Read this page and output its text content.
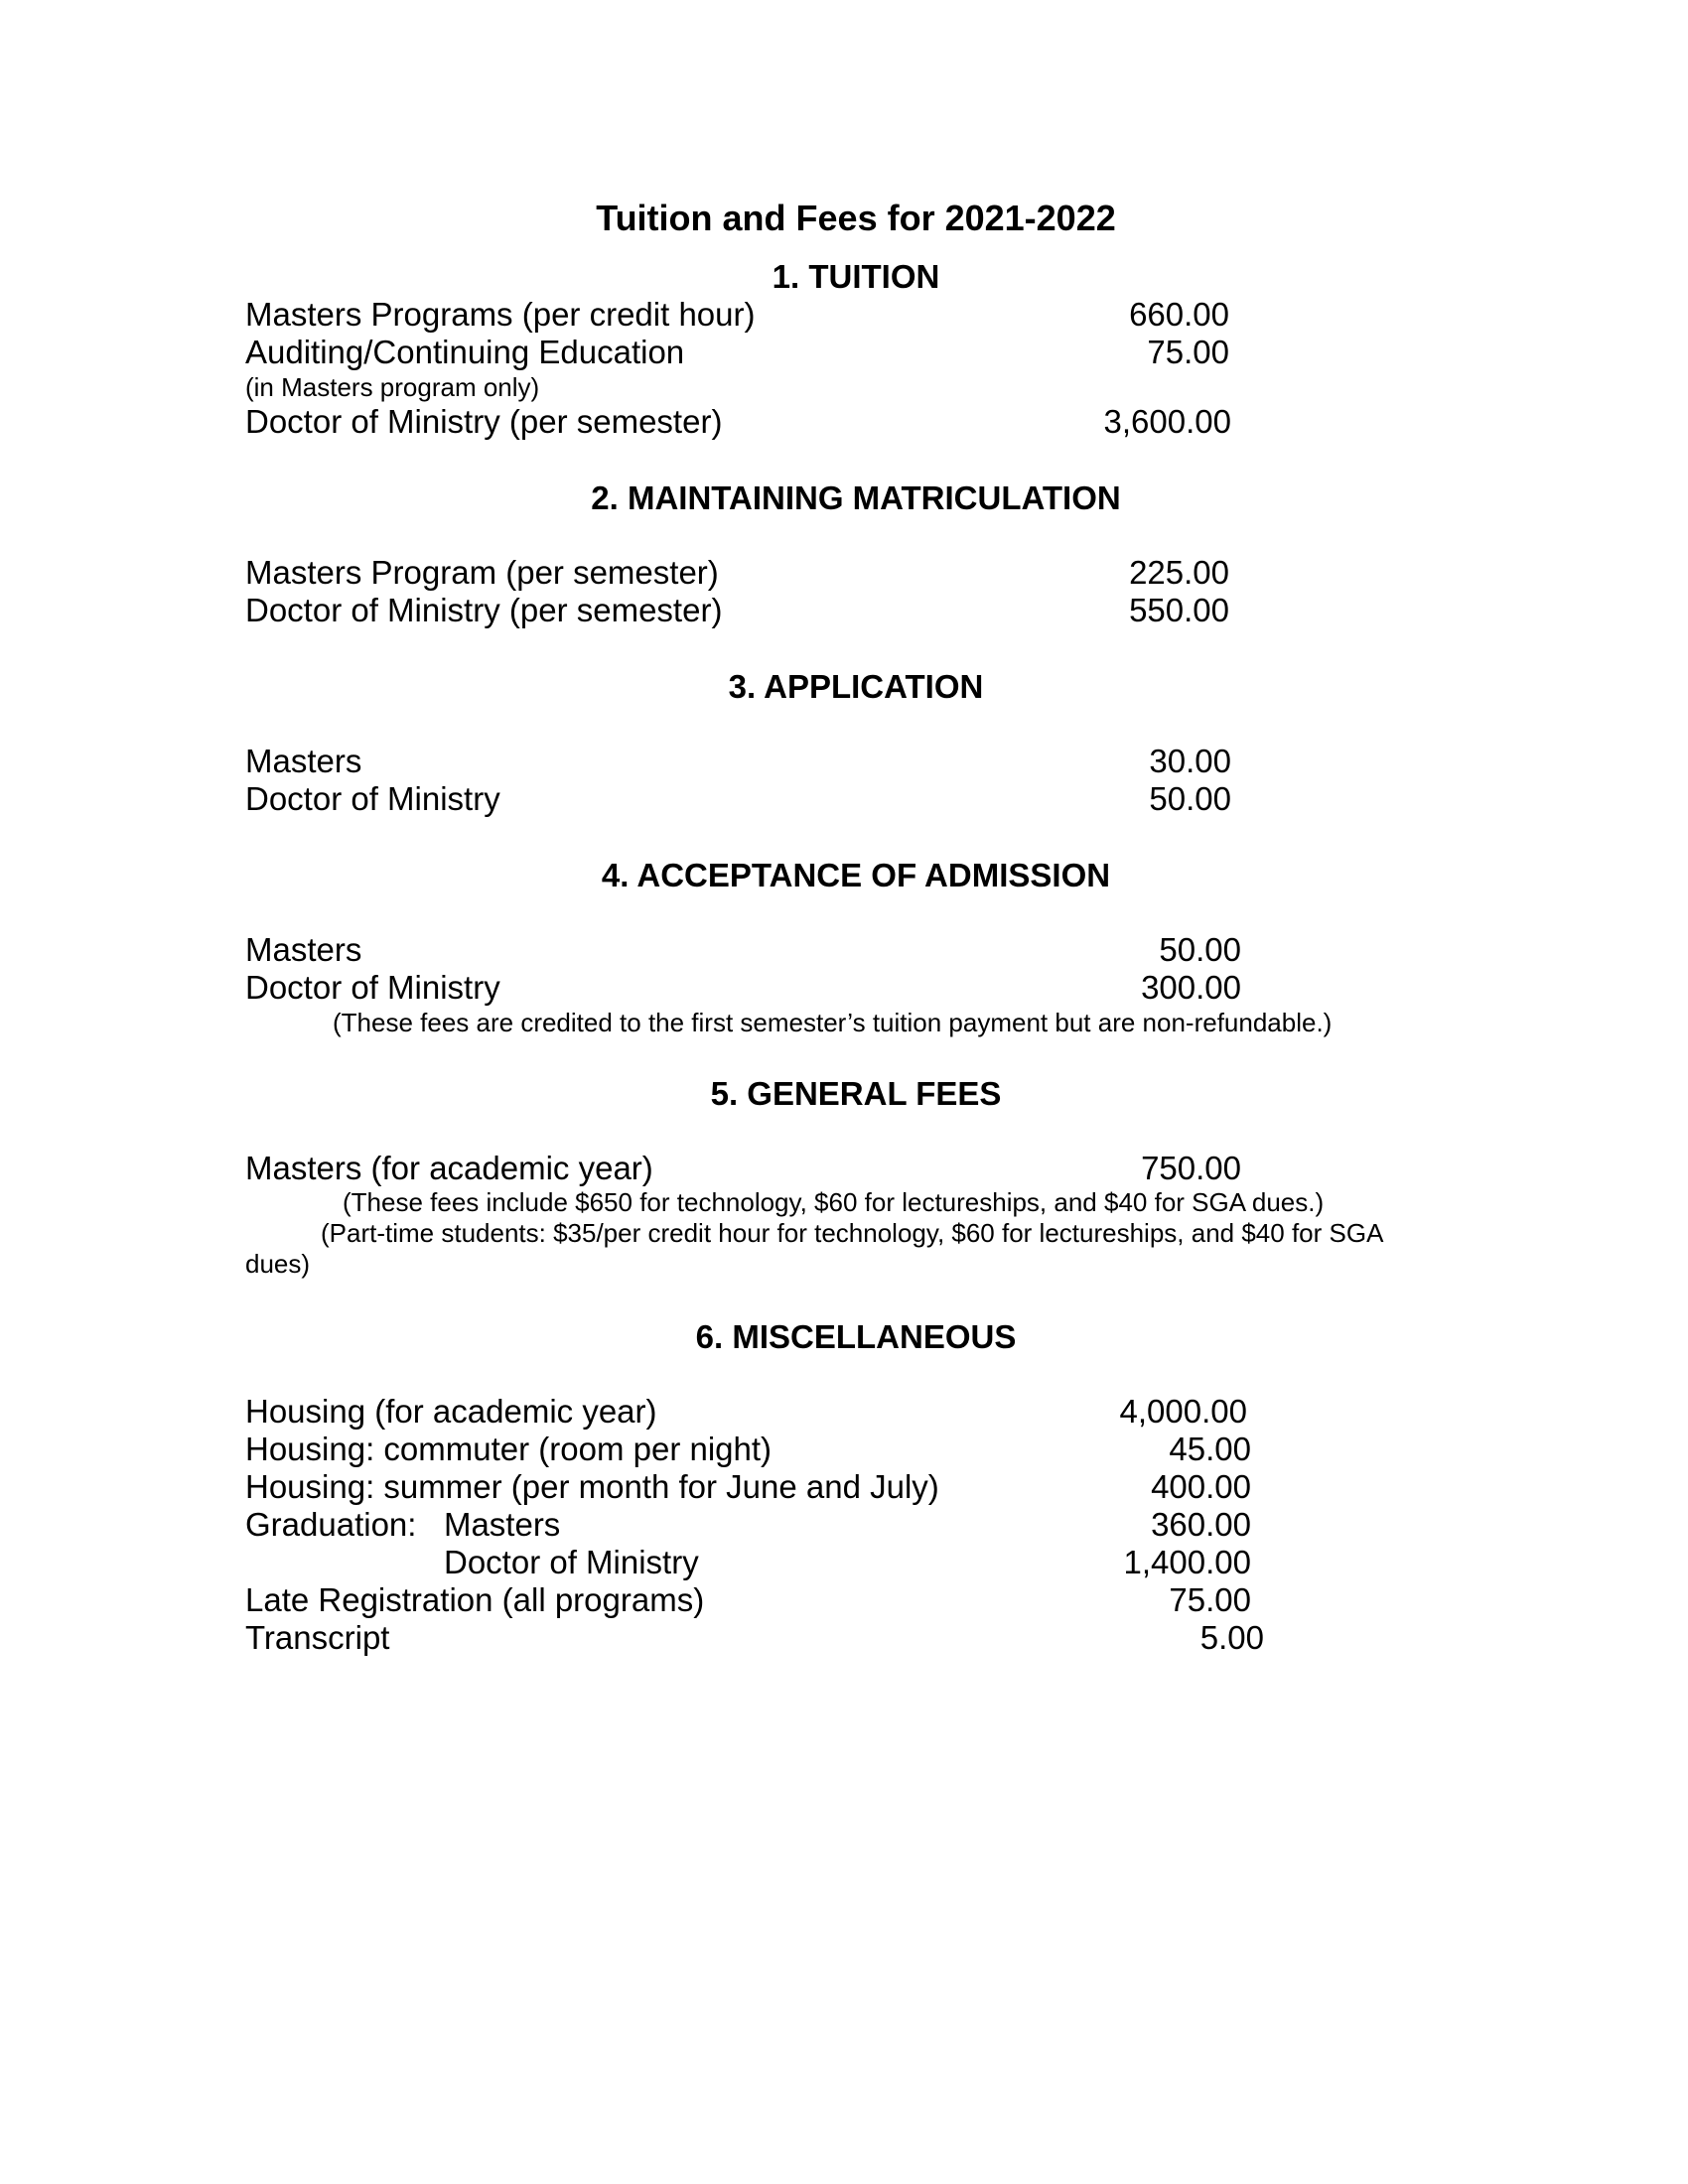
Tuition and Fees for 2021-2022
1. TUITION
Masters Programs (per credit hour)	660.00
Auditing/Continuing Education	75.00
(in Masters program only)
Doctor of Ministry (per semester)	3,600.00
2. MAINTAINING MATRICULATION
Masters Program (per semester)	225.00
Doctor of Ministry (per semester)	550.00
3. APPLICATION
Masters	30.00
Doctor of Ministry	50.00
4. ACCEPTANCE OF ADMISSION
Masters	50.00
Doctor of Ministry	300.00
(These fees are credited to the first semester’s tuition payment but are non-refundable.)
5. GENERAL FEES
Masters (for academic year)	750.00
(These fees include $650 for technology, $60 for lectureships, and $40 for SGA dues.)
(Part-time students: $35/per credit hour for technology, $60 for lectureships, and $40 for SGA
dues)
6. MISCELLANEOUS
Housing (for academic year)	4,000.00
Housing: commuter (room per night)	45.00
Housing: summer (per month for June and July)	400.00
Graduation:   Masters	360.00
Doctor of Ministry	1,400.00
Late Registration (all programs)	75.00
Transcript	5.00
